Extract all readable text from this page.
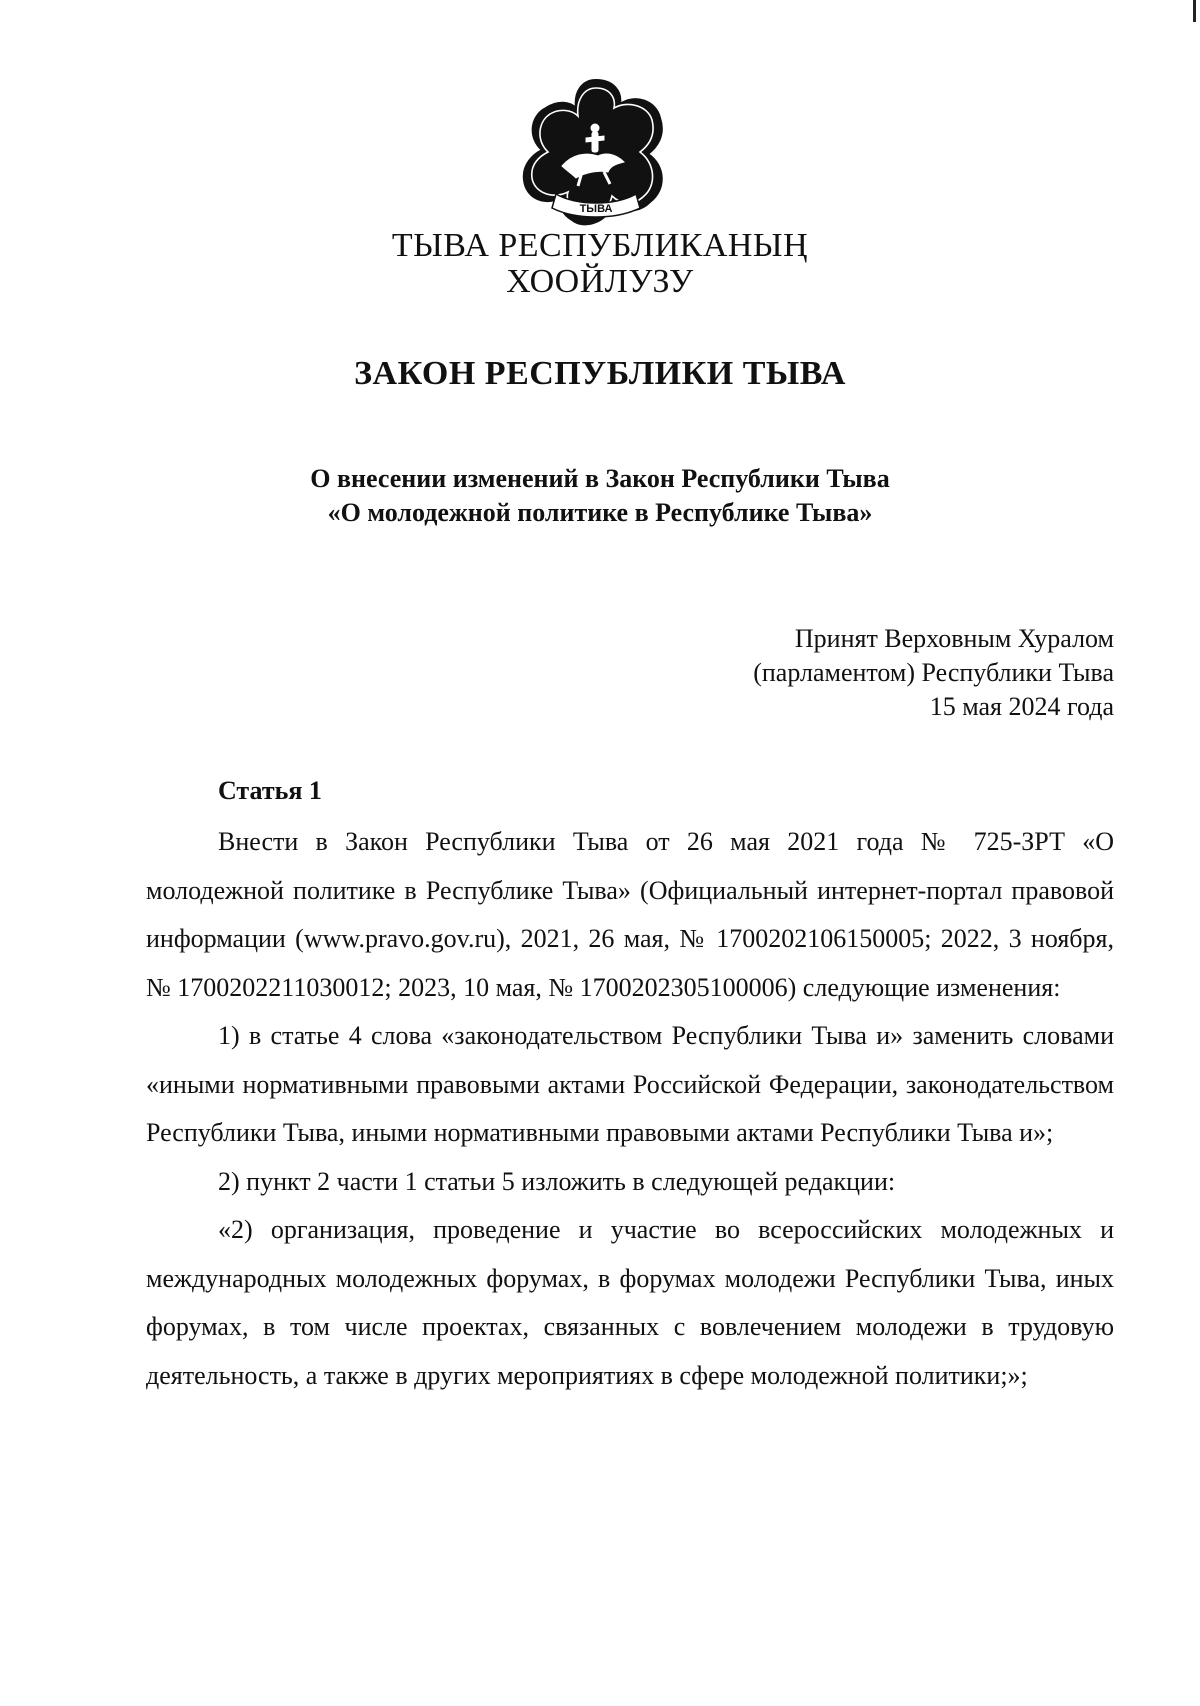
ТЫВА
ТЫВА РЕСПУБЛИКАНЫҢ
ХООЙЛУЗУ
ЗАКОН РЕСПУБЛИКИ ТЫВА
О внесении изменений в Закон Республики Тыва
«О молодежной политике в Республике Тыва»
Принят Верховным Хуралом
(парламентом) Республики Тыва
15 мая 2024 года
Статья 1

Внести в Закон Республики Тыва от 26 мая 2021 года № 725-ЗРТ «О молодежной политике в Республике Тыва» (Официальный интернет-портал правовой информации (www.pravo.gov.ru), 2021, 26 мая, № 1700202106150005; 2022, 3 ноября, № 1700202211030012; 2023, 10 мая, № 1700202305100006) следующие изменения:

1) в статье 4 слова «законодательством Республики Тыва и» заменить словами «иными нормативными правовыми актами Российской Федерации, законодательством Республики Тыва, иными нормативными правовыми актами Республики Тыва и»;

2) пункт 2 части 1 статьи 5 изложить в следующей редакции:

«2) организация, проведение и участие во всероссийских молодежных и международных молодежных форумах, в форумах молодежи Республики Тыва, иных форумах, в том числе проектах, связанных с вовлечением молодежи в трудовую деятельность, а также в других мероприятиях в сфере молодежной политики;»;
